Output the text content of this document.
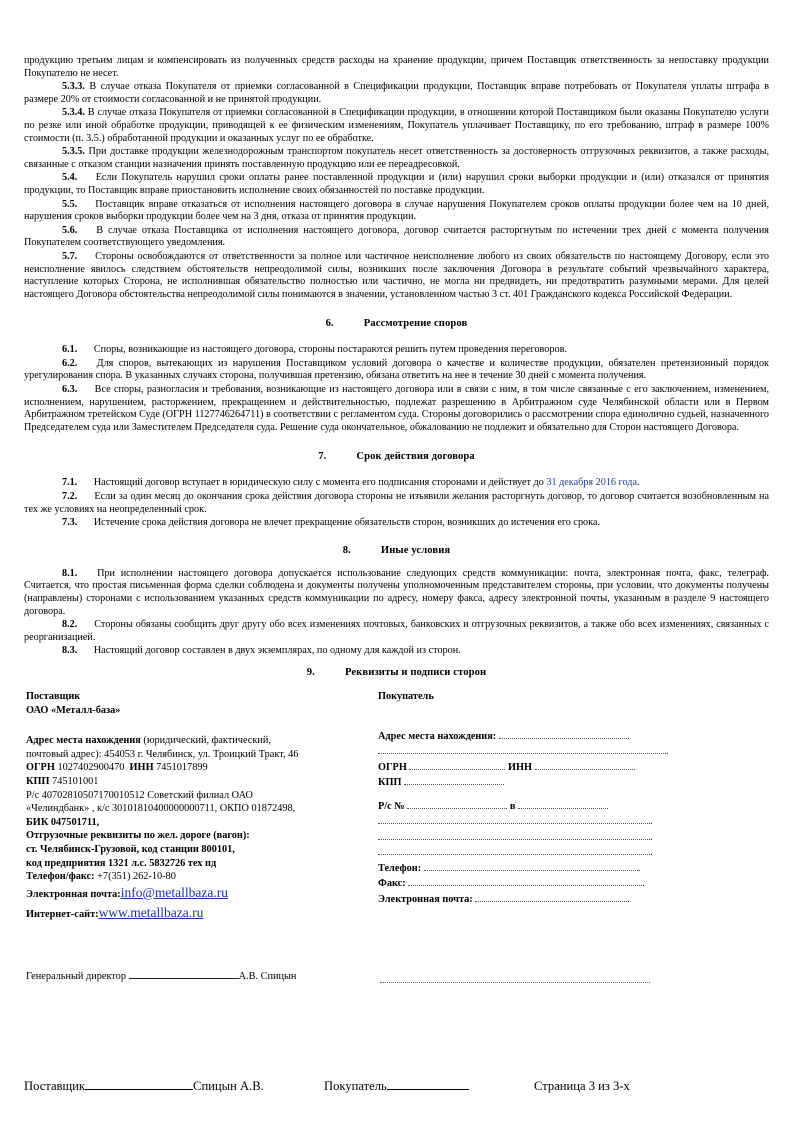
продукцию третьим лицам и компенсировать из полученных средств расходы на хранение продукции, причем Поставщик ответственность за непоставку продукции Покупателю не несет.

5.3.3. В случае отказа Покупателя от приемки согласованной в Спецификации продукции, Поставщик вправе потребовать от Покупателя уплаты штрафа в размере 20% от стоимости согласованной и не принятой продукции.

5.3.4. В случае отказа Покупателя от приемки согласованной в Спецификации продукции, в отношении которой Поставщиком были оказаны Покупателю услуги по резке или иной обработке продукции, приводящей к ее физическим изменениям, Покупатель уплачивает Поставщику, по его требованию, штраф в размере 100% стоимости (п. 3.5.) обработанной продукции и оказанных услуг по ее обработке.

5.3.5. При доставке продукции железнодорожным транспортом покупатель несет ответственность за достоверность отгрузочных реквизитов, а также расходы, связанные с отказом станции назначения принять поставленную продукцию или ее переадресовкой.

5.4. Если Покупатель нарушил сроки оплаты ранее поставленной продукции и (или) нарушил сроки выборки продукции и (или) отказался от принятия продукции, то Поставщик вправе приостановить исполнение своих обязанностей по поставке продукции.

5.5. Поставщик вправе отказаться от исполнения настоящего договора в случае нарушения Покупателем сроков оплаты продукции более чем на 10 дней, нарушения сроков выборки продукции более чем на 3 дня, отказа от принятия продукции.

5.6. В случае отказа Поставщика от исполнения настоящего договора, договор считается расторгнутым по истечении трех дней с момента получения Покупателем соответствующего уведомления.

5.7. Стороны освобождаются от ответственности за полное или частичное неисполнение любого из своих обязательств по настоящему Договору, если это неисполнение явилось следствием обстоятельств непреодолимой силы, возникших после заключения Договора в результате событий чрезвычайного характера, наступление которых Сторона, не исполнившая обязательство полностью или частично, не могла ни предвидеть, ни предотвратить разумными мерами. Для целей настоящего Договора обстоятельства непреодолимой силы понимаются в значении, установленном частью 3 ст. 401 Гражданского кодекса Российской Федерации.

6.	Рассмотрение споров

6.1. Споры, возникающие из настоящего договора, стороны постараются решить путем проведения переговоров.

6.2. Для споров, вытекающих из нарушения Поставщиком условий договора о качестве и количестве продукции, обязателен претензионный порядок урегулирования спора. В указанных случаях сторона, получившая претензию, обязана ответить на нее в течение 30 дней с момента получения.

6.3. Все споры, разногласия и требования, возникающие из настоящего договора или в связи с ним, в том числе связанные с его заключением, изменением, исполнением, нарушением, расторжением, прекращением и действительностью, подлежат разрешению в Арбитражном суде Челябинской области или в Первом Арбитражном третейском Суде (ОГРН 1127746264711) в соответствии с регламентом суда. Стороны договорились о рассмотрении спора единолично судьей, назначенного Председателем суда или Заместителем Председателя суда. Решение суда окончательное, обжалованию не подлежит и обязательно для Сторон настоящего Договора.

7.	Срок действия договора

7.1. Настоящий договор вступает в юридическую силу с момента его подписания сторонами и действует до 31 декабря 2016 года.

7.2. Если за один месяц до окончания срока действия договора стороны не изъявили желания расторгнуть договор, то договор считается возобновленным на тех же условиях на неопределенный срок.

7.3. Истечение срока действия договора не влечет прекращение обязательств сторон, возникших до истечения его срока.

8.	Иные условия

8.1. При исполнении настоящего договора допускается использование следующих средств коммуникации: почта, электронная почта, факс, телеграф. Считается, что простая письменная форма сделки соблюдена и документы получены уполномоченным представителем стороны, при условии, что документы получены (направлены) сторонами с использованием указанных средств коммуникации по адресу, номеру факса, адресу электронной почты, указанным в разделе 9 настоящего договора.

8.2. Стороны обязаны сообщить друг другу обо всех изменениях почтовых, банковских и отгрузочных реквизитов, а также обо всех изменениях, связанных с реорганизацией.

8.3. Настоящий договор составлен в двух экземплярах, по одному для каждой из сторон.

9.	Реквизиты и подписи сторон
Поставщик
ОАО «Металл-база»
Адрес места нахождения (юридический, фактический,
почтовый адрес): 454053 г. Челябинск, ул. Троицкий Тракт, 46
ОГРН 1027402900470 ИНН 7451017899
КПП 745101001
Р/с 40702810507170010512 Советский филиал ОАО
«Челиндбанк» , к/с 30101810400000000711, ОКПО 01872498,
БИК 047501711,
Отгрузочные реквизиты по жел. дороге (вагон):
ст. Челябинск-Грузовой, код станции 800101,
код предприятия 1321 л.с. 5832726 тех пд
Телефон/факс: +7(351) 262-10-80
Электронная почта:info@metallbaza.ru
Интернет-сайт:www.metallbaza.ru
Покупатель
Адрес места нахождения:
.
ОГРН	ИНН
КПП
Р/с №	в
.
.
.
Телефон:	.
Факс:	.
Электронная почта:	.
Генеральный директор	А.В. Спицын
Поставщик	Спицын А.В.	Покупатель	Страница 3 из 3-х
